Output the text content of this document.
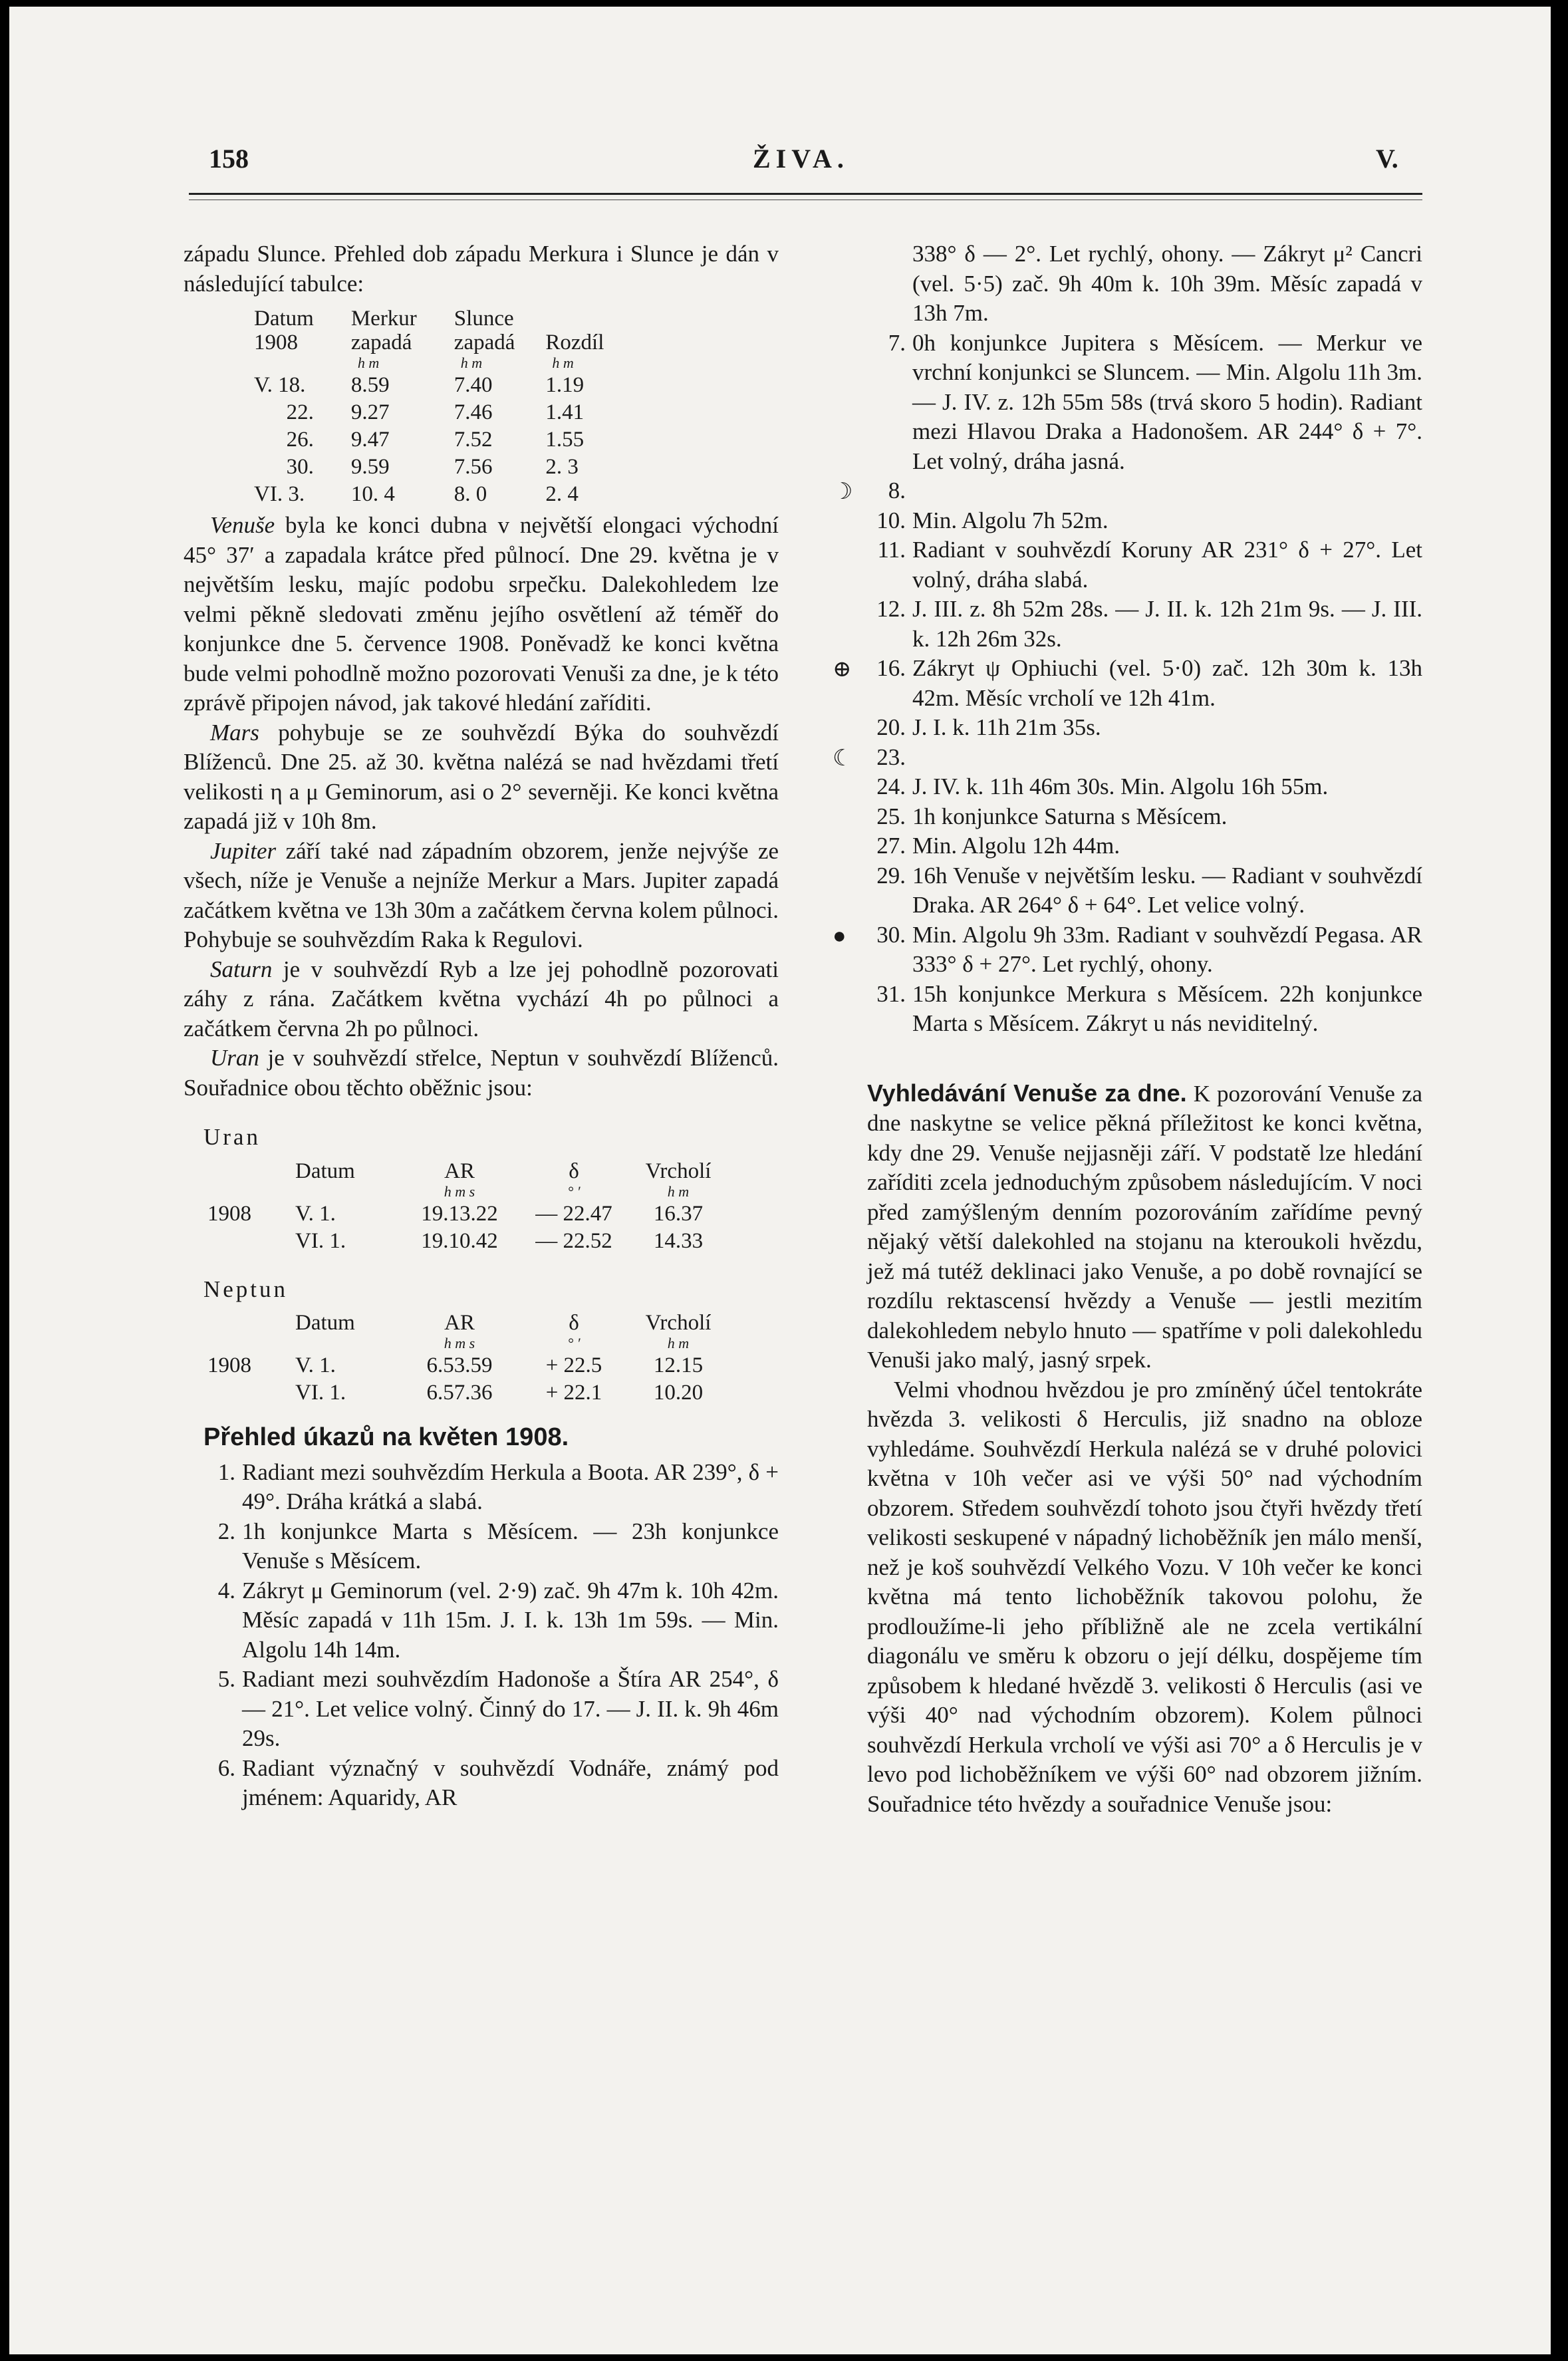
158	ŽIVA.	V.

západu Slunce. Přehled dob západu Merkura i Slunce je dán v následující tabulce:

Datum	Merkur	Slunce	
1908	zapadá	zapadá	Rozdíl
	h m	h m	h m
V. 18.	8.59	7.40	1.19
22.	9.27	7.46	1.41
26.	9.47	7.52	1.55
30.	9.59	7.56	2. 3
VI. 3.	10. 4	8. 0	2. 4

Venuše byla ke konci dubna v největší elongaci východní 45° 37′ a zapadala krátce před půlnocí. Dne 29. května je v největším lesku, majíc podobu srpečku. Dalekohledem lze velmi pěkně sledovati změnu jejího osvětlení až téměř do konjunkce dne 5. července 1908. Poněvadž ke konci května bude velmi pohodlně možno pozorovati Venuši za dne, je k této zprávě připojen návod, jak takové hledání zaříditi.

Mars pohybuje se ze souhvězdí Býka do souhvězdí Blíženců. Dne 25. až 30. května nalézá se nad hvězdami třetí velikosti η a μ Geminorum, asi o 2° severněji. Ke konci května zapadá již v 10h 8m.

Jupiter září také nad západním obzorem, jenže nejvýše ze všech, níže je Venuše a nejníže Merkur a Mars. Jupiter zapadá začátkem května ve 13h 30m a začátkem června kolem půlnoci. Pohybuje se souhvězdím Raka k Regulovi.

Saturn je v souhvězdí Ryb a lze jej pohodlně pozorovati záhy z rána. Začátkem května vychází 4h po půlnoci a začátkem června 2h po půlnoci.

Uran je v souhvězdí střelce, Neptun v souhvězdí Blíženců. Souřadnice obou těchto oběžnic jsou:

Uran
	Datum	AR	δ	Vrcholí
		h m s	° ′	h m
1908	V. 1.	19.13.22	— 22.47	16.37
	VI. 1.	19.10.42	— 22.52	14.33
Neptun
	Datum	AR	δ	Vrcholí
		h m s	° ′	h m
1908	V. 1.	6.53.59	+ 22.5	12.15
	VI. 1.	6.57.36	+ 22.1	10.20
Přehled úkazů na květen 1908.
1. Radiant mezi souhvězdím Herkula a Boota. AR 239°, δ + 49°. Dráha krátká a slabá.
2. 1h konjunkce Marta s Měsícem. — 23h konjunkce Venuše s Měsícem.
4. Zákryt μ Geminorum (vel. 2·9) zač. 9h 47m k. 10h 42m. Měsíc zapadá v 11h 15m. J. I. k. 13h 1m 59s. — Min. Algolu 14h 14m.
5. Radiant mezi souhvězdím Hadonoše a Štíra AR 254°, δ — 21°. Let velice volný. Činný do 17. — J. II. k. 9h 46m 29s.
6. Radiant význačný v souhvězdí Vodnáře, známý pod jménem: Aquaridy, AR
338° δ — 2°. Let rychlý, ohony. — Zákryt μ² Cancri (vel. 5·5) zač. 9h 40m k. 10h 39m. Měsíc zapadá v 13h 7m.
7. 0h konjunkce Jupitera s Měsícem. — Merkur ve vrchní konjunkci se Sluncem. — Min. Algolu 11h 3m. — J. IV. z. 12h 55m 58s (trvá skoro 5 hodin). Radiant mezi Hlavou Draka a Hadonošem. AR 244° δ + 7°. Let volný, dráha jasná.
☽	8.

10. Min. Algolu 7h 52m.
11. Radiant v souhvězdí Koruny AR 231° δ + 27°. Let volný, dráha slabá.
12. J. III. z. 8h 52m 28s. — J. II. k. 12h 21m 9s. — J. III. k. 12h 26m 32s.
⊕	16. Zákryt ψ Ophiuchi (vel. 5·0) zač. 12h 30m k. 13h 42m. Měsíc vrcholí ve 12h 41m.
20. J. I. k. 11h 21m 35s.
☾	23.

24. J. IV. k. 11h 46m 30s. Min. Algolu 16h 55m.
25. 1h konjunkce Saturna s Měsícem.
27. Min. Algolu 12h 44m.
29. 16h Venuše v největším lesku. — Radiant v souhvězdí Draka. AR 264° δ + 64°. Let velice volný.
●	30. Min. Algolu 9h 33m. Radiant v souhvězdí Pegasa. AR 333° δ + 27°. Let rychlý, ohony.
31. 15h konjunkce Merkura s Měsícem. 22h konjunkce Marta s Měsícem. Zákryt u nás neviditelný.

Vyhledávání Venuše za dne. K pozorování Venuše za dne naskytne se velice pěkná příležitost ke konci května, kdy dne 29. Venuše nejjasněji září. V podstatě lze hledání zaříditi zcela jednoduchým způsobem následujícím. V noci před zamýšleným denním pozorováním zařídíme pevný nějaký větší dalekohled na stojanu na kteroukoli hvězdu, jež má tutéž deklinaci jako Venuše, a po době rovnající se rozdílu rektascensí hvězdy a Venuše — jestli mezitím dalekohledem nebylo hnuto — spatříme v poli dalekohledu Venuši jako malý, jasný srpek.

Velmi vhodnou hvězdou je pro zmíněný účel tentokráte hvězda 3. velikosti δ Herculis, již snadno na obloze vyhledáme. Souhvězdí Herkula nalézá se v druhé polovici května v 10h večer asi ve výši 50° nad východním obzorem. Středem souhvězdí tohoto jsou čtyři hvězdy třetí velikosti seskupené v nápadný lichoběžník jen málo menší, než je koš souhvězdí Velkého Vozu. V 10h večer ke konci května má tento lichoběžník takovou polohu, že prodloužíme-li jeho příbližně ale ne zcela vertikální diagonálu ve směru k obzoru o její délku, dospějeme tím způsobem k hledané hvězdě 3. velikosti δ Herculis (asi ve výši 40° nad východním obzorem). Kolem půlnoci souhvězdí Herkula vrcholí ve výši asi 70° a δ Herculis je v levo pod lichoběžníkem ve výši 60° nad obzorem jižním. Souřadnice této hvězdy a souřadnice Venuše jsou:
